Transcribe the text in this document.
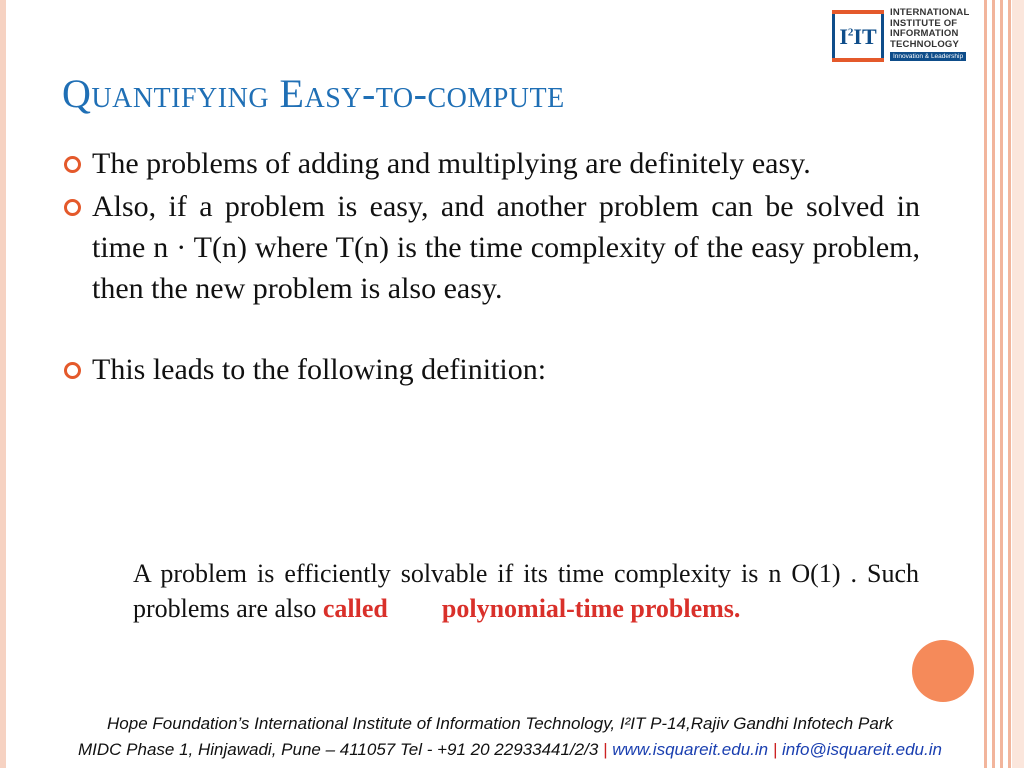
$I^2IT$
INTERNATIONAL
INSTITUTE OF
INFORMATION
TECHNOLOGY
Innovation & Leadership
Quantifying Easy-to-compute
The problems of adding and multiplying are definitely easy.
Also, if a problem is easy, and another problem can be solved in time n · T(n) where T(n) is the time complexity of the easy problem, then the new problem is also easy.
This leads to the following definition:
A problem is efficiently solvable if its time complexity is n O(1) . Such problems are also called polynomial-time problems.
Hope Foundation’s International Institute of Information Technology, I²IT P-14,Rajiv Gandhi Infotech Park
MIDC Phase 1, Hinjawadi, Pune – 411057 Tel - +91 20 22933441/2/3 | www.isquareit.edu.in | info@isquareit.edu.in
